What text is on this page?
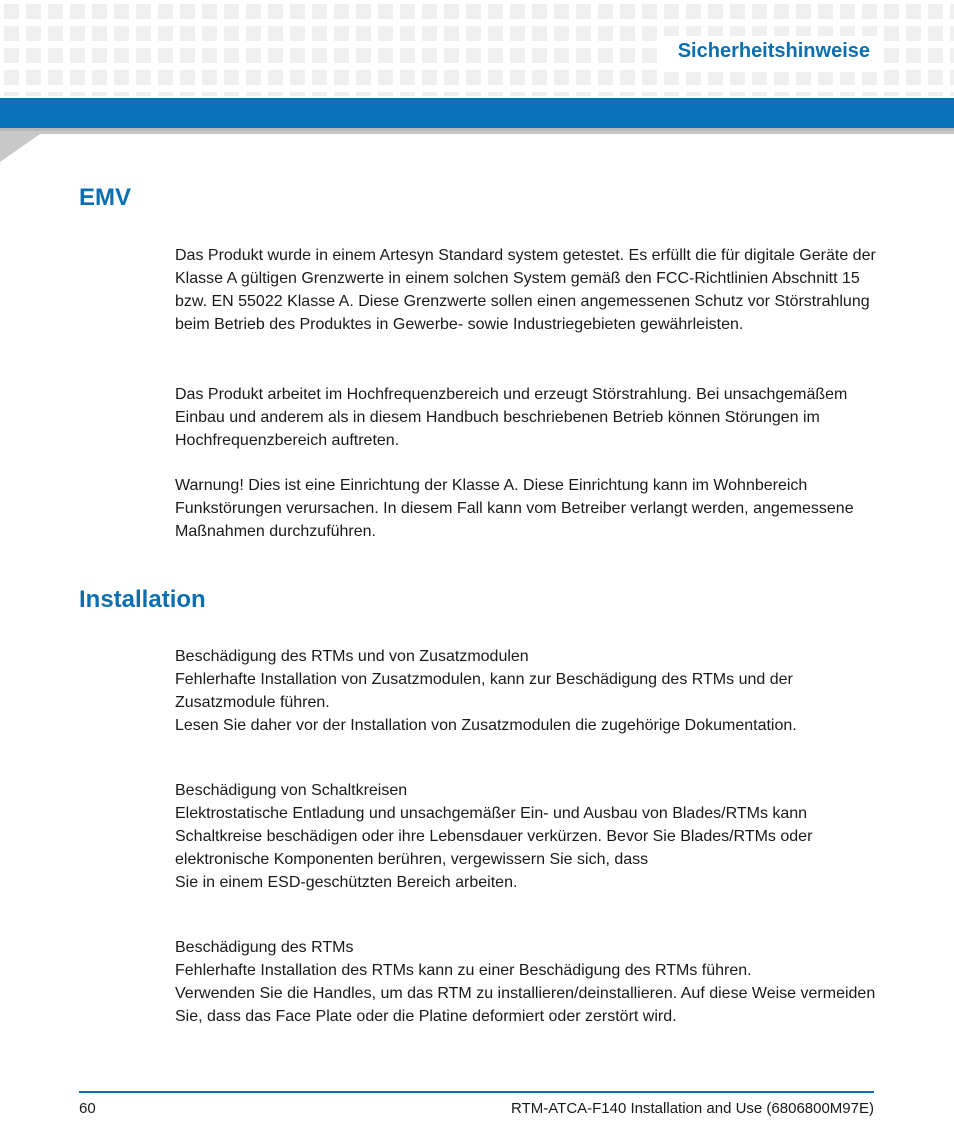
Sicherheitshinweise
EMV

Das Produkt wurde in einem Artesyn Standard system getestet. Es erfüllt die für digitale Geräte der Klasse A gültigen Grenzwerte in einem solchen System gemäß den FCC-Richtlinien Abschnitt 15 bzw. EN 55022 Klasse A. Diese Grenzwerte sollen einen angemessenen Schutz vor Störstrahlung beim Betrieb des Produktes in Gewerbe- sowie Industriegebieten gewährleisten.

Das Produkt arbeitet im Hochfrequenzbereich und erzeugt Störstrahlung. Bei unsachgemäßem Einbau und anderem als in diesem Handbuch beschriebenen Betrieb können Störungen im Hochfrequenzbereich auftreten.

Warnung! Dies ist eine Einrichtung der Klasse A. Diese Einrichtung kann im Wohnbereich Funkstörungen verursachen. In diesem Fall kann vom Betreiber verlangt werden, angemessene Maßnahmen durchzuführen.

Installation

Beschädigung des RTMs und von Zusatzmodulen

Fehlerhafte Installation von Zusatzmodulen, kann zur Beschädigung des RTMs und der Zusatzmodule führen.

Lesen Sie daher vor der Installation von Zusatzmodulen die zugehörige Dokumentation.

Beschädigung von Schaltkreisen

Elektrostatische Entladung und unsachgemäßer Ein- und Ausbau von Blades/RTMs kann Schaltkreise beschädigen oder ihre Lebensdauer verkürzen. Bevor Sie Blades/RTMs oder elektronische Komponenten berühren, vergewissern Sie sich, dass

Sie in einem ESD-geschützten Bereich arbeiten.

Beschädigung des RTMs

Fehlerhafte Installation des RTMs kann zu einer Beschädigung des RTMs führen.

Verwenden Sie die Handles, um das RTM zu installieren/deinstallieren. Auf diese Weise vermeiden Sie, dass das Face Plate oder die Platine deformiert oder zerstört wird.

60	RTM-ATCA-F140 Installation and Use (6806800M97E)
